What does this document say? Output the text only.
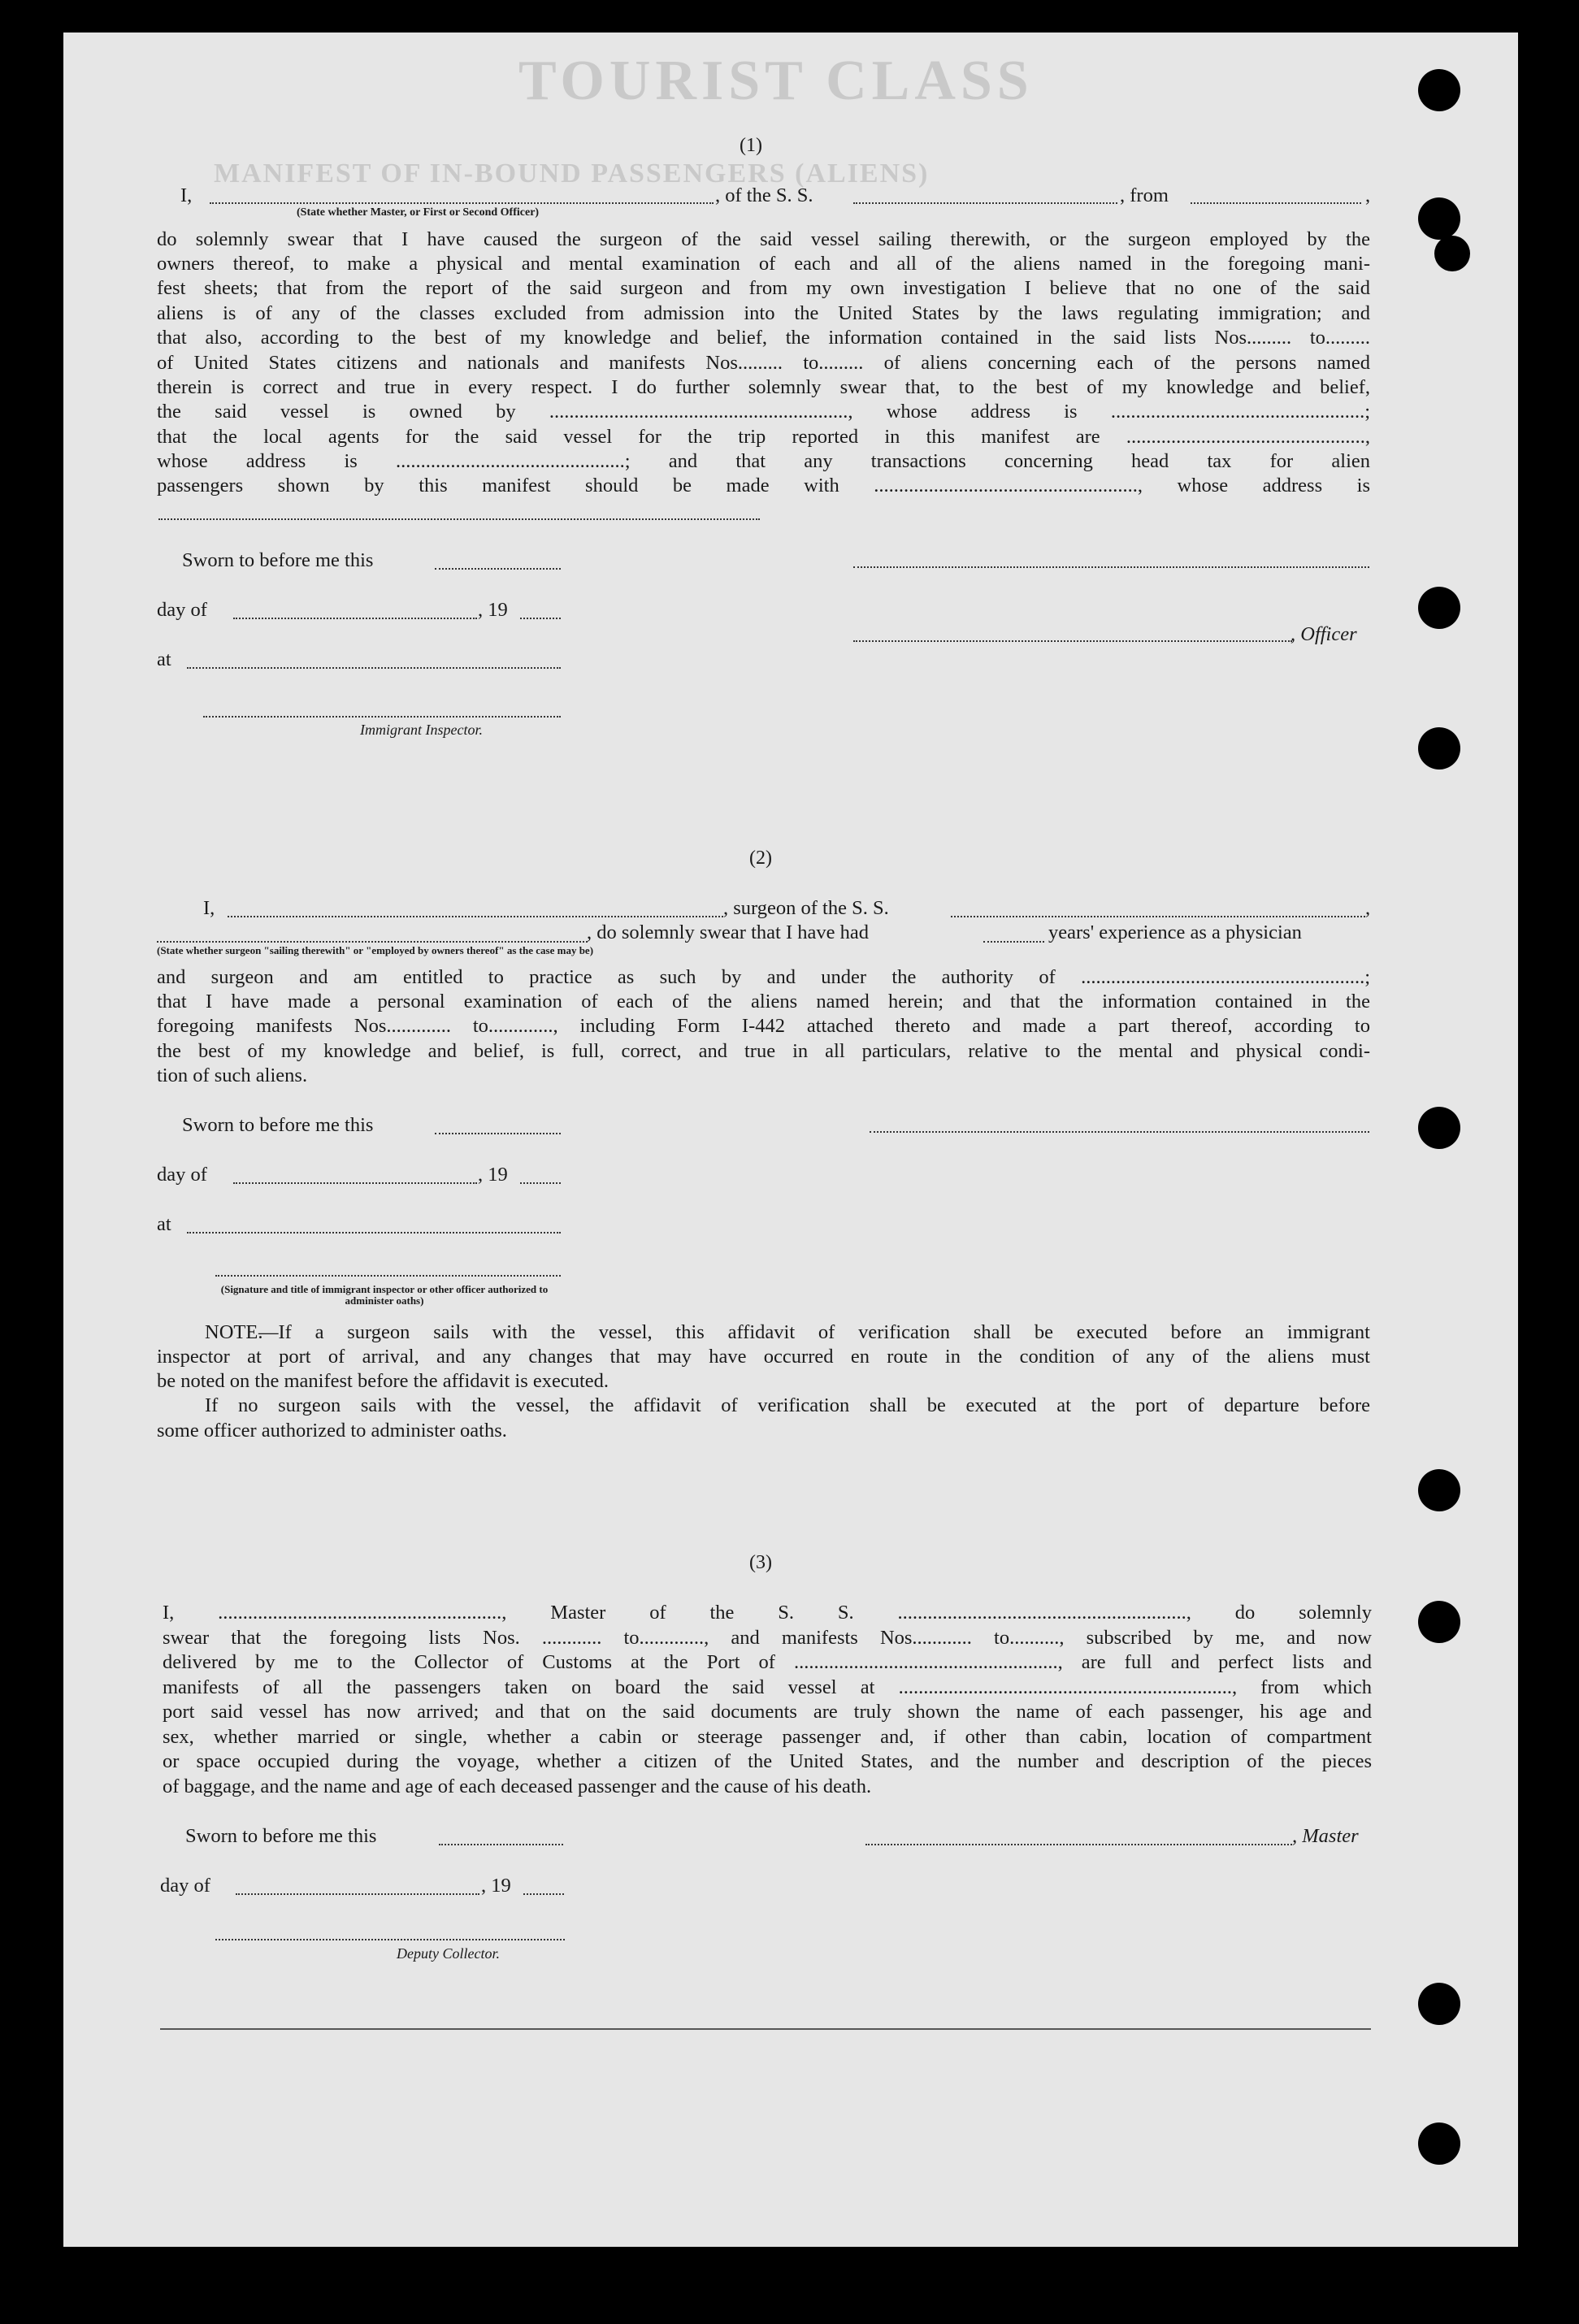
TOURIST CLASS
MANIFEST OF IN-BOUND PASSENGERS (ALIENS)
(1)
I,	, of the S. S.	, from	,
(State whether Master, or First or Second Officer)
do solemnly swear that I have caused the surgeon of the said vessel sailing therewith, or the surgeon employed by the
owners thereof, to make a physical and mental examination of each and all of the aliens named in the foregoing mani-
fest sheets; that from the report of the said surgeon and from my own investigation I believe that no one of the said
aliens is of any of the classes excluded from admission into the United States by the laws regulating immigration; and
that also, according to the best of my knowledge and belief, the information contained in the said lists Nos......... to.........
of United States citizens and nationals and manifests Nos......... to......... of aliens concerning each of the persons named
therein is correct and true in every respect. I do further solemnly swear that, to the best of my knowledge and belief,
the said vessel is owned by ............................................................, whose address is ...................................................;
that the local agents for the said vessel for the trip reported in this manifest are ................................................,
whose address is ..............................................; and that any transactions concerning head tax for alien
passengers shown by this manifest should be made with ....................................................., whose address is
Sworn to before me this
day of	, 19
, Officer
at
Immigrant Inspector.
(2)
I,	, surgeon of the S. S.	,
, do solemnly swear that I have had	years' experience as a physician
(State whether surgeon "sailing therewith" or "employed by owners thereof" as the case may be)
and surgeon and am entitled to practice as such by and under the authority of .........................................................;
that I have made a personal examination of each of the aliens named herein; and that the information contained in the
foregoing manifests Nos............. to............., including Form I-442 attached thereto and made a part thereof, according to
the best of my knowledge and belief, is full, correct, and true in all particulars, relative to the mental and physical condi-
tion of such aliens.
Sworn to before me this
day of	, 19
at
(Signature and title of immigrant inspector or other officer authorized to administer oaths)
NOTE.
—If a surgeon sails with the vessel, this affidavit of verification shall be executed before an immigrant
inspector at port of arrival, and any changes that may have occurred en route in the condition of any of the aliens must
be noted on the manifest before the affidavit is executed.
If no surgeon sails with the vessel, the affidavit of verification shall be executed at the port of departure before
some officer authorized to administer oaths.
(3)
I, ........................................................., Master of the S. S. .........................................................., do solemnly
swear that the foregoing lists Nos. ............ to............., and manifests Nos............ to.........., subscribed by me, and now
delivered by me to the Collector of Customs at the Port of ....................................................., are full and perfect lists and
manifests of all the passengers taken on board the said vessel at ..................................................................., from which
port said vessel has now arrived; and that on the said documents are truly shown the name of each passenger, his age and
sex, whether married or single, whether a cabin or steerage passenger and, if other than cabin, location of compartment
or space occupied during the voyage, whether a citizen of the United States, and the number and description of the pieces
of baggage, and the name and age of each deceased passenger and the cause of his death.
Sworn to before me this	, Master
day of	, 19
Deputy Collector.
